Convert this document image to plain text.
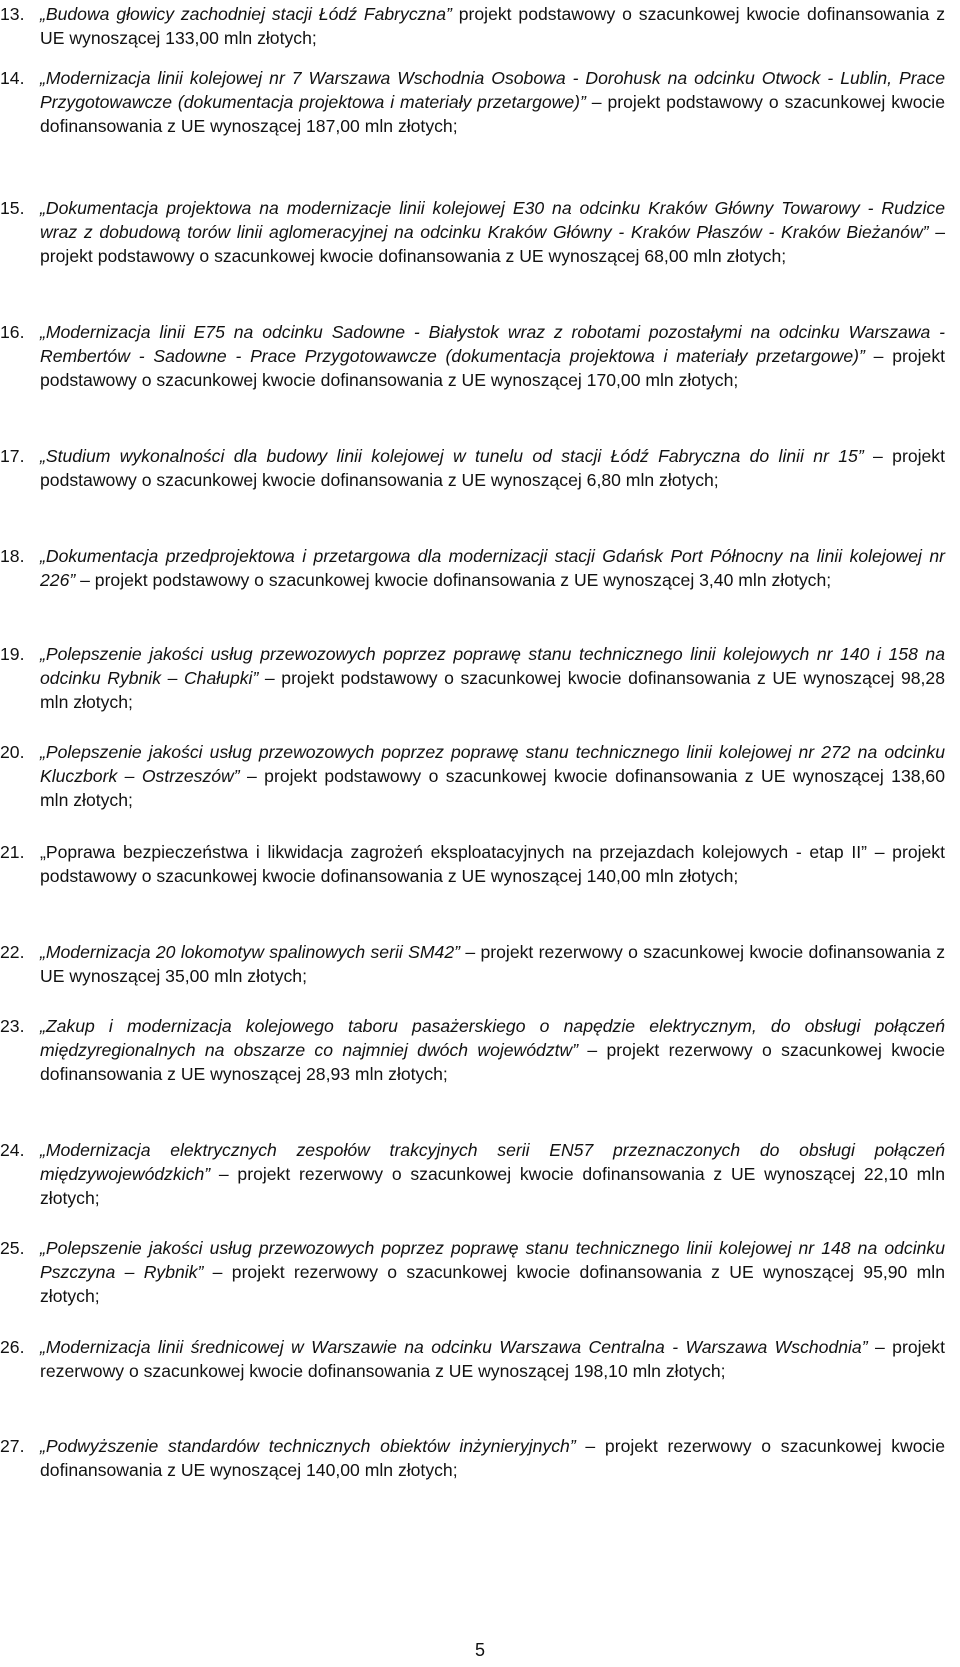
13. „Budowa głowicy zachodniej stacji Łódź Fabryczna” projekt podstawowy o szacunkowej kwocie dofinansowania z UE wynoszącej 133,00 mln złotych;
14. „Modernizacja linii kolejowej nr 7 Warszawa Wschodnia Osobowa - Dorohusk na odcinku Otwock - Lublin, Prace Przygotowawcze (dokumentacja projektowa i materiały przetargowe)” – projekt podstawowy o szacunkowej kwocie dofinansowania z UE wynoszącej 187,00 mln złotych;
15. „Dokumentacja projektowa na modernizacje linii kolejowej E30 na odcinku Kraków Główny Towarowy - Rudzice wraz z dobudową torów linii aglomeracyjnej na odcinku Kraków Główny - Kraków Płaszów - Kraków Bieżanów” – projekt podstawowy o szacunkowej kwocie dofinansowania z UE wynoszącej 68,00 mln złotych;
16. „Modernizacja linii E75 na odcinku Sadowne - Białystok wraz z robotami pozostałymi na odcinku Warszawa - Rembertów - Sadowne - Prace Przygotowawcze (dokumentacja projektowa i materiały przetargowe)” – projekt podstawowy o szacunkowej kwocie dofinansowania z UE wynoszącej 170,00 mln złotych;
17. „Studium wykonalności dla budowy linii kolejowej w tunelu od stacji Łódź Fabryczna do linii nr 15” – projekt podstawowy o szacunkowej kwocie dofinansowania z UE wynoszącej 6,80 mln złotych;
18. „Dokumentacja przedprojektowa i przetargowa dla modernizacji stacji Gdańsk Port Północny na linii kolejowej nr 226” – projekt podstawowy o szacunkowej kwocie dofinansowania z UE wynoszącej 3,40 mln złotych;
19. „Polepszenie jakości usług przewozowych poprzez poprawę stanu technicznego linii kolejowych nr 140 i 158 na odcinku Rybnik – Chałupki” – projekt podstawowy o szacunkowej kwocie dofinansowania z UE wynoszącej 98,28 mln złotych;
20. „Polepszenie jakości usług przewozowych poprzez poprawę stanu technicznego linii kolejowej nr 272 na odcinku Kluczbork – Ostrzeszów” – projekt podstawowy o szacunkowej kwocie dofinansowania z UE wynoszącej 138,60 mln złotych;
21. „Poprawa bezpieczeństwa i likwidacja zagrożeń eksploatacyjnych na przejazdach kolejowych - etap II” – projekt podstawowy o szacunkowej kwocie dofinansowania z UE wynoszącej 140,00 mln złotych;
22. „Modernizacja 20 lokomotyw spalinowych serii SM42” – projekt rezerwowy o szacunkowej kwocie dofinansowania z UE wynoszącej 35,00 mln złotych;
23. „Zakup i modernizacja kolejowego taboru pasażerskiego o napędzie elektrycznym, do obsługi połączeń międzyregionalnych na obszarze co najmniej dwóch województw” – projekt rezerwowy o szacunkowej kwocie dofinansowania z UE wynoszącej 28,93 mln złotych;
24. „Modernizacja elektrycznych zespołów trakcyjnych serii EN57 przeznaczonych do obsługi połączeń międzywojewódzkich” – projekt rezerwowy o szacunkowej kwocie dofinansowania z UE wynoszącej 22,10 mln złotych;
25. „Polepszenie jakości usług przewozowych poprzez poprawę stanu technicznego linii kolejowej nr 148 na odcinku Pszczyna – Rybnik” – projekt rezerwowy o szacunkowej kwocie dofinansowania z UE wynoszącej 95,90 mln złotych;
26. „Modernizacja linii średnicowej w Warszawie na odcinku Warszawa Centralna - Warszawa Wschodnia” – projekt rezerwowy o szacunkowej kwocie dofinansowania z UE wynoszącej 198,10 mln złotych;
27. „Podwyższenie standardów technicznych obiektów inżynieryjnych” – projekt rezerwowy o szacunkowej kwocie dofinansowania z UE wynoszącej 140,00 mln złotych;
5
